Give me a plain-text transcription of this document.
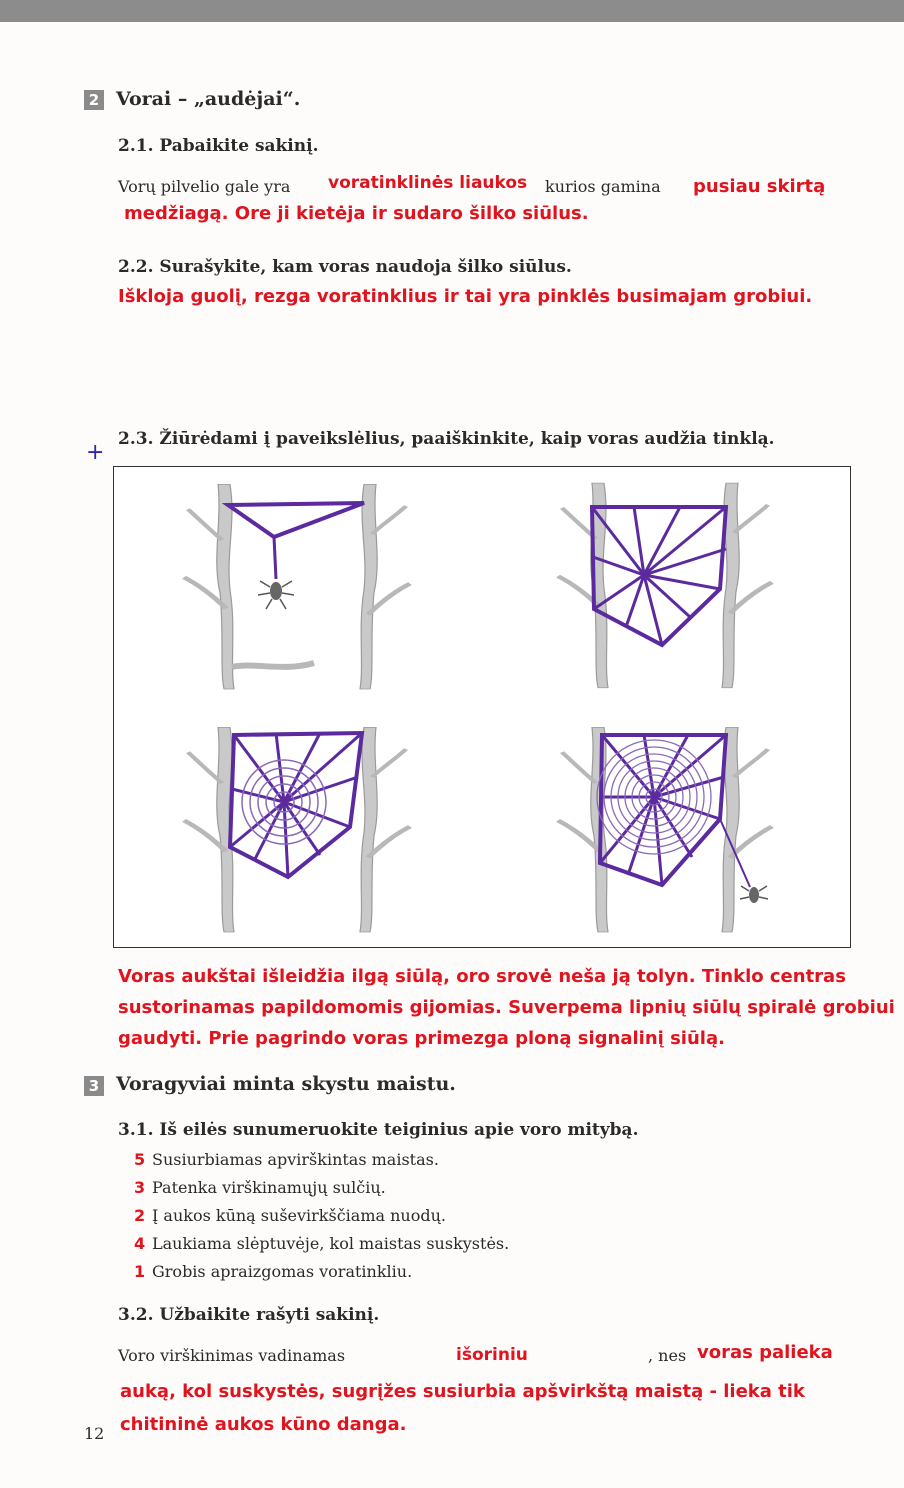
2 Vorai – „audėjai“.
2.1. Pabaikite sakinį.
Vorų pilvelio gale yra voratinklinės liaukos kurios gamina pusiau skirtą
medžiagą. Ore ji kietėja ir sudaro šilko siūlus.
2.2. Surašykite, kam voras naudoja šilko siūlus.
Iškloja guolį, rezga voratinklius ir tai yra pinklės busimajam grobiui.
+
2.3. Žiūrėdami į paveikslėlius, paaiškinkite, kaip voras audžia tinklą.
Voras aukštai išleidžia ilgą siūlą, oro srovė neša ją tolyn. Tinklo centras
sustorinamas papildomomis gijomias. Suverpema lipnių siūlų spiralė grobiui
gaudyti. Prie pagrindo voras primezga ploną signalinį siūlą.
3 Voragyviai minta skystu maistu.
3.1. Iš eilės sunumeruokite teiginius apie voro mitybą.
5 Susiurbiamas apvirškintas maistas.
3 Patenka virškinamųjų sulčių.
2 Į aukos kūną suševirkščiama nuodų.
4 Laukiama slėptuvėje, kol maistas suskystės.
1 Grobis apraizgomas voratinkliu.
3.2. Užbaikite rašyti sakinį.
Voro virškinimas vadinamas	išoriniu	, nes voras palieka
auką, kol suskystės, sugrįžes susiurbia apšvirkštą maistą - lieka tik
chitininė aukos kūno danga.
12
